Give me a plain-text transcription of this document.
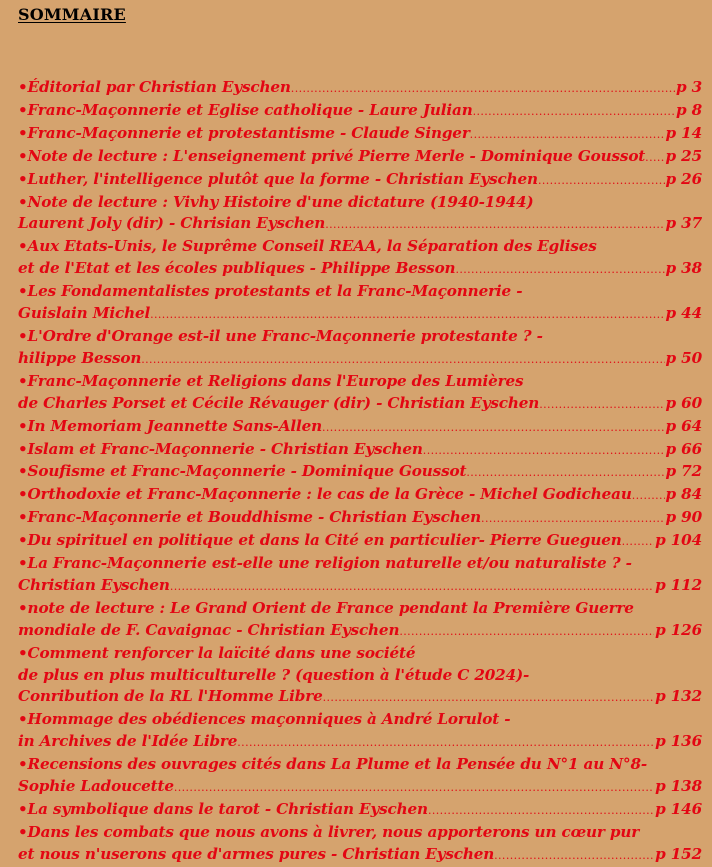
SOMMAIRE
•Éditorial par Christian Eyschen .....	p 3
•Franc-Maçonnerie et Eglise catholique - Laure Julian .....	p 8
•Franc-Maçonnerie et protestantisme - Claude Singer .....	p 14
•Note de lecture : L'enseignement privé Pierre Merle - Dominique Goussot ..... p 25
•Luther, l'intelligence plutôt que la forme - Christian Eyschen .....	p 26
•Note de lecture : Vivhy Histoire d'une dictature (1940-1944)
Laurent Joly (dir) - Chrisian Eyschen .....	p 37
•Aux Etats-Unis, le Suprême Conseil REAA, la Séparation des Eglises
et de l'Etat et les écoles publiques - Philippe Besson .....	p 38
•Les Fondamentalistes protestants et la Franc-Maçonnerie -
Guislain Michel .....	p 44
•L'Ordre d'Orange est-il une Franc-Maçonnerie protestante ? -
hilippe Besson .....	p 50
•Franc-Maçonnerie et Religions dans l'Europe des Lumières
de Charles Porset et Cécile Révauger (dir) - Christian Eyschen .....	p 60
•In Memoriam Jeannette Sans-Allen .....	p 64
•Islam et Franc-Maçonnerie - Christian Eyschen .....	p 66
•Soufisme et Franc-Maçonnerie - Dominique Goussot .....	p 72
•Orthodoxie et Franc-Maçonnerie : le cas de la Grèce - Michel Godicheau ..... p 84
•Franc-Maçonnerie et Bouddhisme - Christian Eyschen .....	p 90
•Du spirituel en politique et dans la Cité en particulier- Pierre Gueguen ..... p 104
•La Franc-Maçonnerie est-elle une religion naturelle et/ou naturaliste ? -
Christian Eyschen .....	p 112
•note de lecture : Le Grand Orient de France pendant la Première Guerre
mondiale de F. Cavaignac - Christian Eyschen .....	p 126
•Comment renforcer la laïcité dans une société
de plus en plus multiculturelle ? (question à l'étude C 2024)-
Conribution de la RL l'Homme Libre .....	p 132
•Hommage des obédiences maçonniques à André Lorulot -
in Archives de l'Idée Libre .....	p 136
•Recensions des ouvrages cités dans La Plume et la Pensée du N°1 au N°8-
Sophie Ladoucette .....	p 138
•La symbolique dans le tarot - Christian Eyschen .....	p 146
•Dans les combats que nous avons à livrer, nous apporterons un cœur pur
et nous n'userons que d'armes pures - Christian Eyschen .....	p 152
